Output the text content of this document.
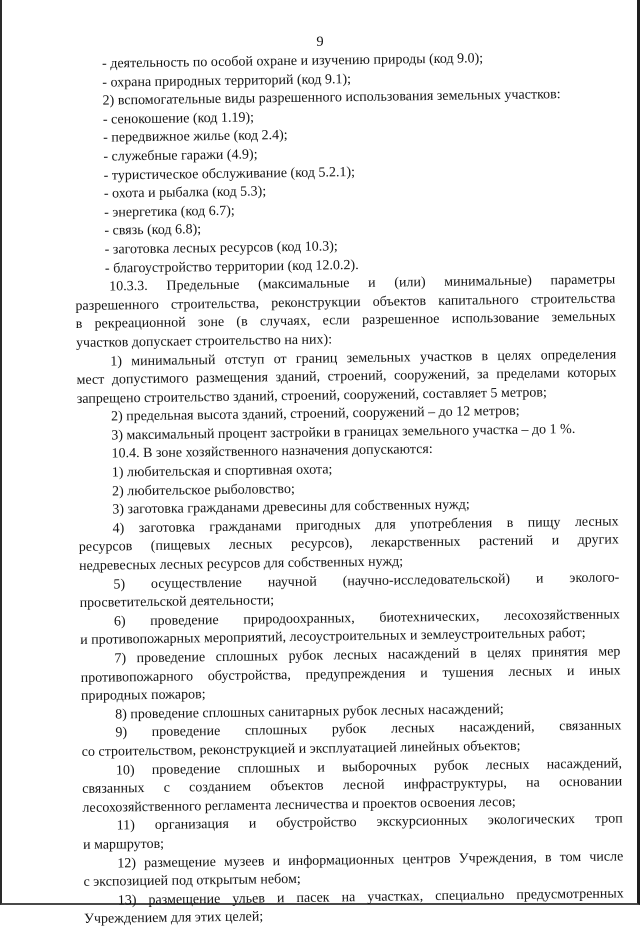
9
- деятельность по особой охране и изучению природы (код 9.0);
- охрана природных территорий (код 9.1);
2) вспомогательные виды разрешенного использования земельных участков:
- сенокошение (код 1.19);
- передвижное жилье (код 2.4);
- служебные гаражи (4.9);
- туристическое обслуживание (код 5.2.1);
- охота и рыбалка (код 5.3);
- энергетика (код 6.7);
- связь (код 6.8);
- заготовка лесных ресурсов (код 10.3);
- благоустройство территории (код 12.0.2).
10.3.3. Предельные (максимальные и (или) минимальные) параметры
разрешенного строительства, реконструкции объектов капитального строительства
в рекреационной зоне (в случаях, если разрешенное использование земельных
участков допускает строительство на них):
1) минимальный отступ от границ земельных участков в целях определения
мест допустимого размещения зданий, строений, сооружений, за пределами которых
запрещено строительство зданий, строений, сооружений, составляет 5 метров;
2) предельная высота зданий, строений, сооружений – до 12 метров;
3) максимальный процент застройки в границах земельного участка – до 1 %.
10.4. В зоне хозяйственного назначения допускаются:
1) любительская и спортивная охота;
2) любительское рыболовство;
3) заготовка гражданами древесины для собственных нужд;
4) заготовка гражданами пригодных для употребления в пищу лесных
ресурсов (пищевых лесных ресурсов), лекарственных растений и других
недревесных лесных ресурсов для собственных нужд;
5) осуществление научной (научно-исследовательской) и эколого-
просветительской деятельности;
6) проведение природоохранных, биотехнических, лесохозяйственных
и противопожарных мероприятий, лесоустроительных и землеустроительных работ;
7) проведение сплошных рубок лесных насаждений в целях принятия мер
противопожарного обустройства, предупреждения и тушения лесных и иных
природных пожаров;
8) проведение сплошных санитарных рубок лесных насаждений;
9) проведение сплошных рубок лесных насаждений, связанных
со строительством, реконструкцией и эксплуатацией линейных объектов;
10) проведение сплошных и выборочных рубок лесных насаждений,
связанных с созданием объектов лесной инфраструктуры, на основании
лесохозяйственного регламента лесничества и проектов освоения лесов;
11) организация и обустройство экскурсионных экологических троп
и маршрутов;
12) размещение музеев и информационных центров Учреждения, в том числе
с экспозицией под открытым небом;
13) размещение ульев и пасек на участках, специально предусмотренных
Учреждением для этих целей;
